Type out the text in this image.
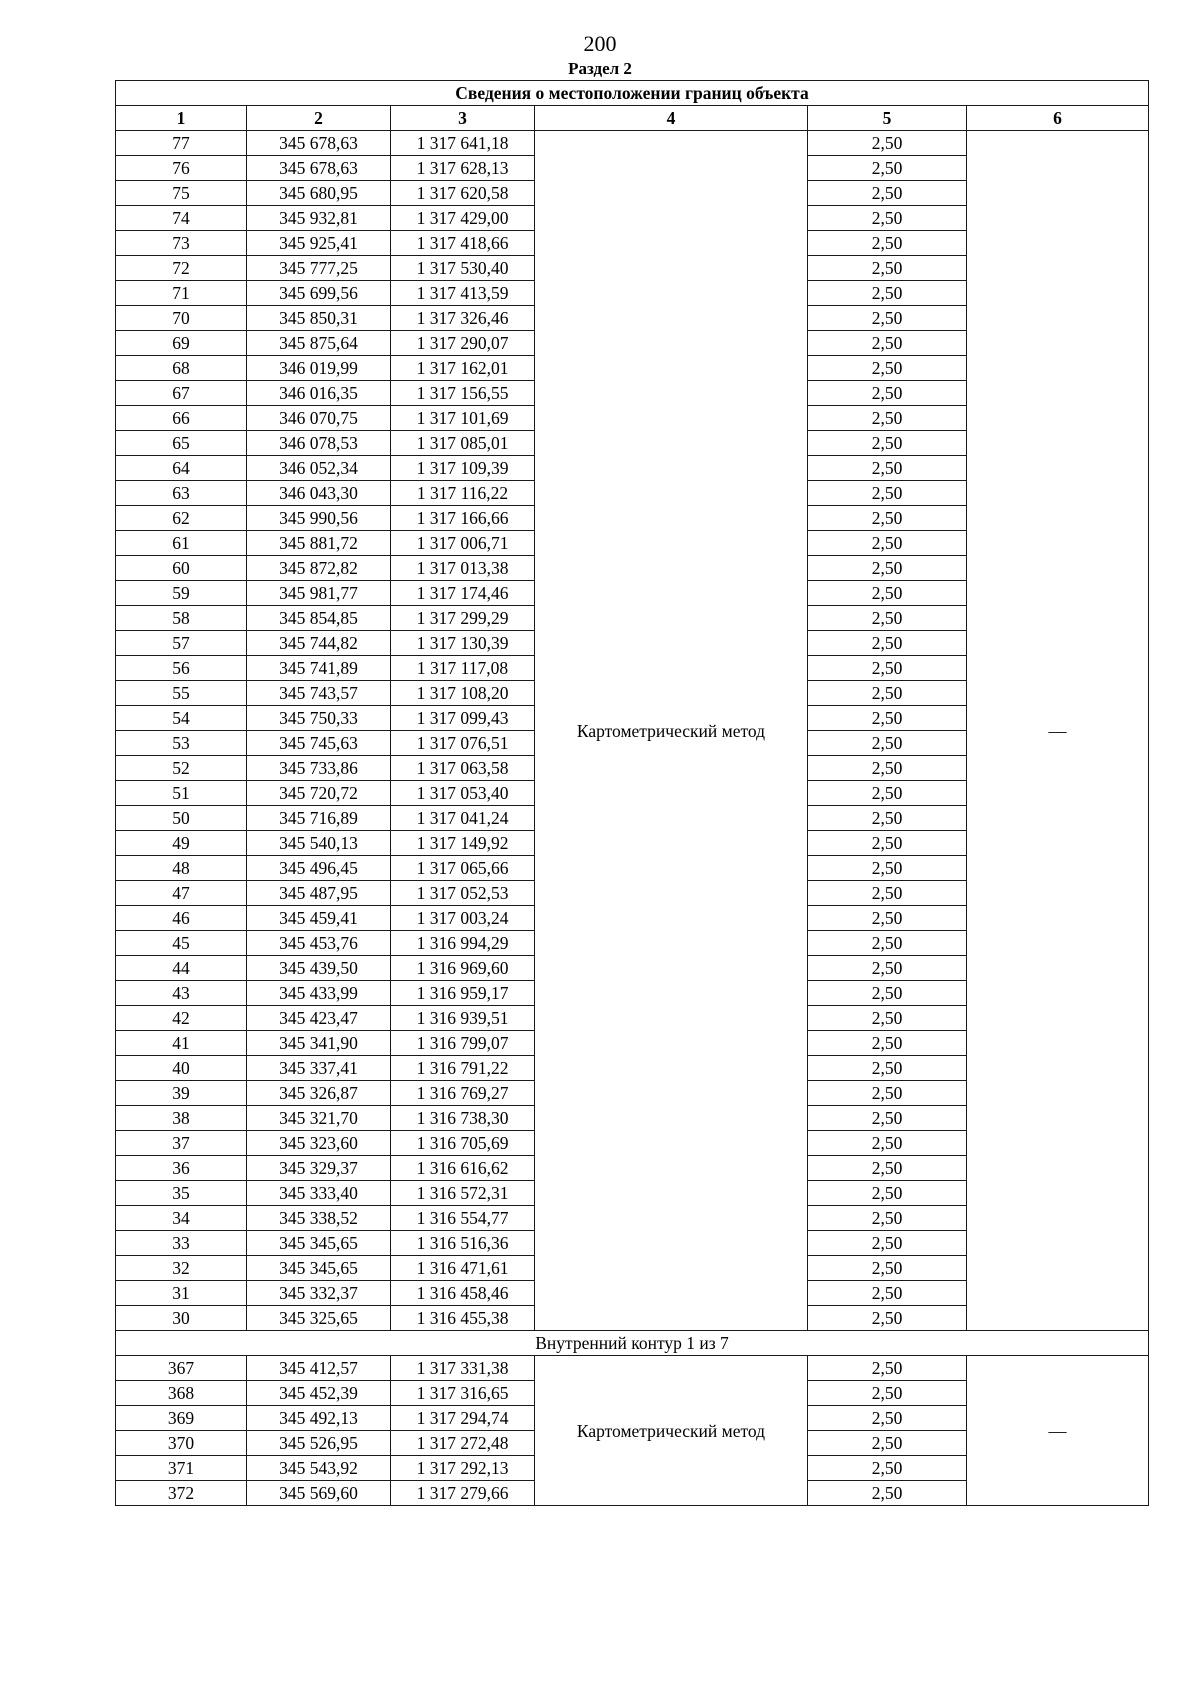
200
Раздел 2
Сведения о местоположении границ объекта					
1	2	3	4	5	6
77	345 678,63	1 317 641,18	Картометрический метод	2,50	—
76	345 678,63	1 317 628,13		2,50	
75	345 680,95	1 317 620,58		2,50	
74	345 932,81	1 317 429,00		2,50	
73	345 925,41	1 317 418,66		2,50	
72	345 777,25	1 317 530,40		2,50	
71	345 699,56	1 317 413,59		2,50	
70	345 850,31	1 317 326,46		2,50	
69	345 875,64	1 317 290,07		2,50	
68	346 019,99	1 317 162,01		2,50	
67	346 016,35	1 317 156,55		2,50	
66	346 070,75	1 317 101,69		2,50	
65	346 078,53	1 317 085,01		2,50	
64	346 052,34	1 317 109,39		2,50	
63	346 043,30	1 317 116,22		2,50	
62	345 990,56	1 317 166,66		2,50	
61	345 881,72	1 317 006,71		2,50	
60	345 872,82	1 317 013,38		2,50	
59	345 981,77	1 317 174,46		2,50	
58	345 854,85	1 317 299,29		2,50	
57	345 744,82	1 317 130,39		2,50	
56	345 741,89	1 317 117,08		2,50	
55	345 743,57	1 317 108,20		2,50	
54	345 750,33	1 317 099,43		2,50	
53	345 745,63	1 317 076,51		2,50	
52	345 733,86	1 317 063,58		2,50	
51	345 720,72	1 317 053,40		2,50	
50	345 716,89	1 317 041,24		2,50	
49	345 540,13	1 317 149,92		2,50	
48	345 496,45	1 317 065,66		2,50	
47	345 487,95	1 317 052,53		2,50	
46	345 459,41	1 317 003,24		2,50	
45	345 453,76	1 316 994,29		2,50	
44	345 439,50	1 316 969,60		2,50	
43	345 433,99	1 316 959,17		2,50	
42	345 423,47	1 316 939,51		2,50	
41	345 341,90	1 316 799,07		2,50	
40	345 337,41	1 316 791,22		2,50	
39	345 326,87	1 316 769,27		2,50	
38	345 321,70	1 316 738,30		2,50	
37	345 323,60	1 316 705,69		2,50	
36	345 329,37	1 316 616,62		2,50	
35	345 333,40	1 316 572,31		2,50	
34	345 338,52	1 316 554,77		2,50	
33	345 345,65	1 316 516,36		2,50	
32	345 345,65	1 316 471,61		2,50	
31	345 332,37	1 316 458,46		2,50	
30	345 325,65	1 316 455,38		2,50	
Внутренний контур 1 из 7					
367	345 412,57	1 317 331,38	Картометрический метод	2,50	—
368	345 452,39	1 317 316,65		2,50	
369	345 492,13	1 317 294,74		2,50	
370	345 526,95	1 317 272,48		2,50	
371	345 543,92	1 317 292,13		2,50	
372	345 569,60	1 317 279,66		2,50	
